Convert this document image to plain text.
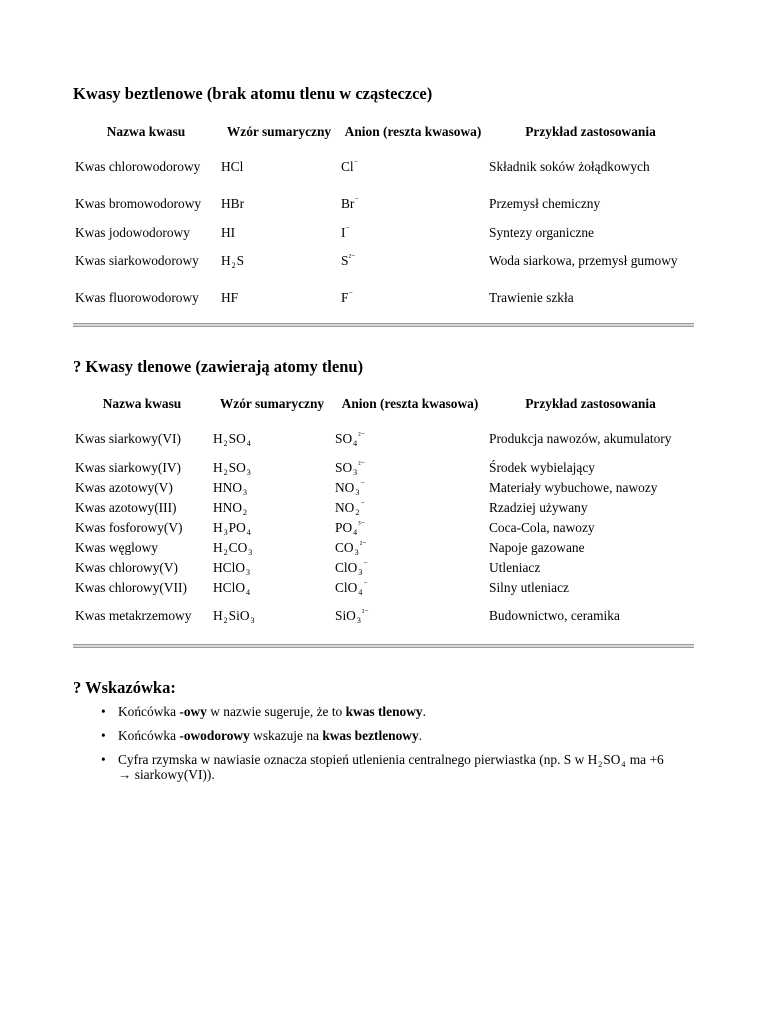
Kwasy beztlenowe (brak atomu tlenu w cząsteczce)
Nazwa kwasu	Wzór sumaryczny	Anion (reszta kwasowa)	Przykład zastosowania
Kwas chlorowodorowy	HCl	Cl⁻	Składnik soków żołądkowych
Kwas bromowodorowy	HBr	Br⁻	Przemysł chemiczny
Kwas jodowodorowy	HI	I⁻	Syntezy organiczne
Kwas siarkowodorowy	$H_2S$	$S^{^{2-}}$	Woda siarkowa, przemysł gumowy
Kwas fluorowodorowy	HF	F⁻	Trawienie szkła
? Kwasy tlenowe (zawierają atomy tlenu)
Nazwa kwasu	Wzór sumaryczny	Anion (reszta kwasowa)	Przykład zastosowania
Kwas siarkowy(VI)	$H_2SO_4$	$SO_4^{^{2-}}$	Produkcja nawozów, akumulatory
Kwas siarkowy(IV)	$H_2SO_3$	$SO_3^{^{2-}}$	Środek wybielający
Kwas azotowy(V)	$HNO_3$	$NO_3^{^-}$	Materiały wybuchowe, nawozy
Kwas azotowy(III)	$HNO_2$	$NO_2^{^-}$	Rzadziej używany
Kwas fosforowy(V)	$H_3PO_4$	$PO_4^{^{3-}}$	Coca-Cola, nawozy
Kwas węglowy	$H_2CO_3$	$CO_3^{^{2-}}$	Napoje gazowane
Kwas chlorowy(V)	HClO$_3$	ClO$_3$⁻	Utleniacz
Kwas chlorowy(VII)	HClO$_4$	ClO$_4$⁻	Silny utleniacz
Kwas metakrzemowy	$H_2SiO_3$	SiO$_3^{^{2-}}$	Budownictwo, ceramika
? Wskazówka:
• Końcówka -owy w nazwie sugeruje, że to kwas tlenowy.
• Końcówka -owodorowy wskazuje na kwas beztlenowy.
• Cyfra rzymska w nawiasie oznacza stopień utlenienia centralnego pierwiastka (np. S w $H_2SO_4$ ma +6 → siarkowy(VI)).
